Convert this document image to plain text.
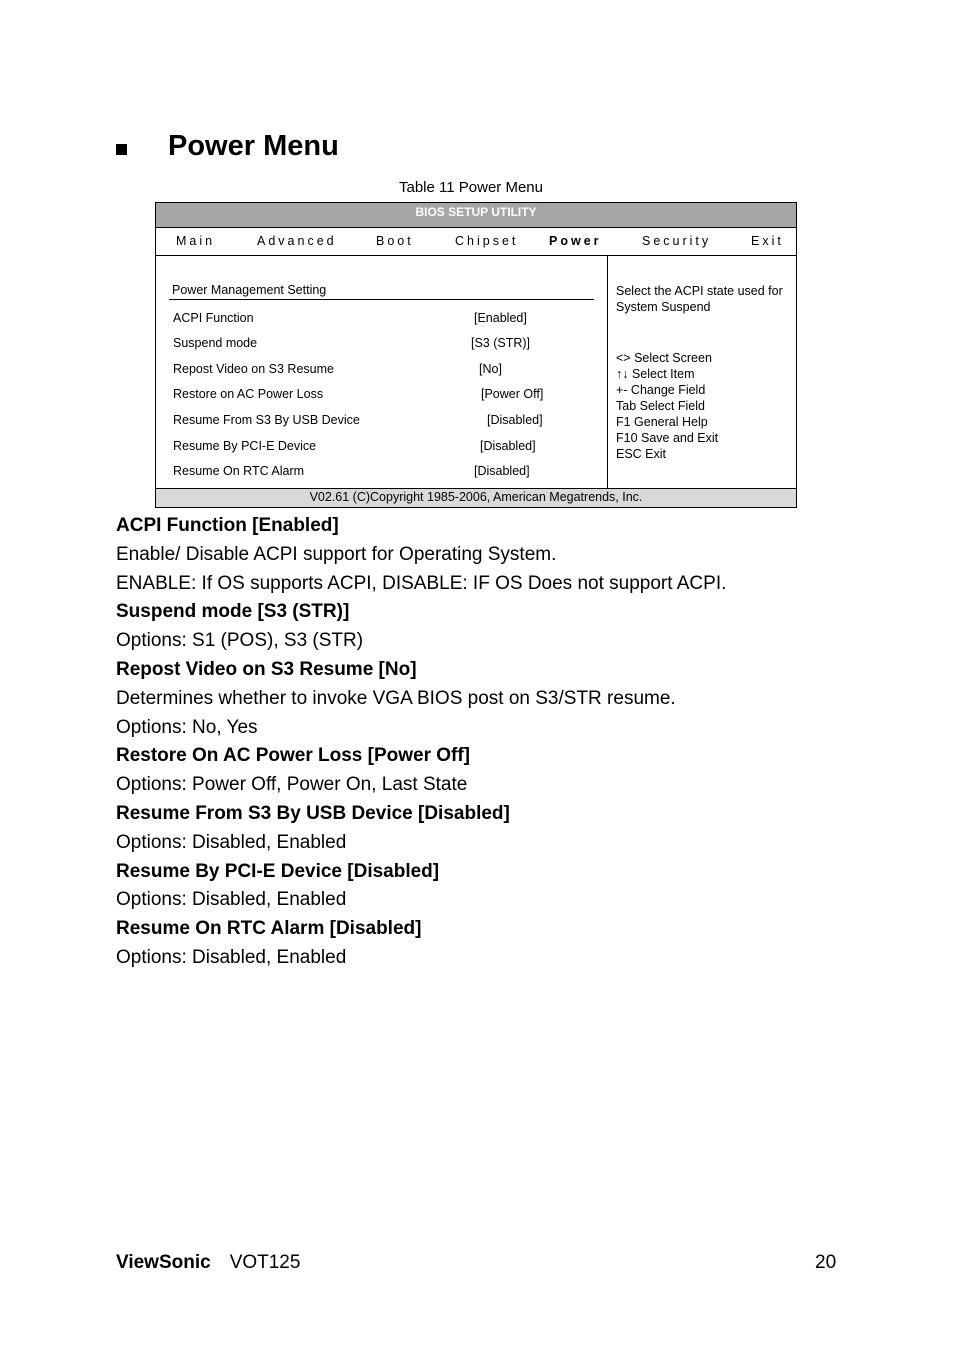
Power Menu
Table 11 Power Menu
BIOS SETUP UTILITY
Main	Advanced	Boot	Chipset Power	Security	Exit
Power Management Setting
ACPI Function	[Enabled]
Suspend mode	[S3 (STR)]
Repost Video on S3 Resume	[No]
Restore on AC Power Loss	[Power Off]
Resume From S3 By USB Device	[Disabled]
Resume By PCI-E Device	[Disabled]
Resume On RTC Alarm	[Disabled]
Select the ACPI state used for System Suspend
<> Select Screen
↑↓ Select Item
+- Change Field
Tab Select Field
F1 General Help
F10 Save and Exit
ESC Exit
V02.61 (C)Copyright 1985-2006, American Megatrends, Inc.

ACPI Function [Enabled]

Enable/ Disable ACPI support for Operating System.

ENABLE: If OS supports ACPI, DISABLE: IF OS Does not support ACPI.

Suspend mode [S3 (STR)]

Options: S1 (POS), S3 (STR)

Repost Video on S3 Resume [No]

Determines whether to invoke VGA BIOS post on S3/STR resume.

Options: No, Yes

Restore On AC Power Loss [Power Off]

Options: Power Off, Power On, Last State

Resume From S3 By USB Device [Disabled]

Options: Disabled, Enabled

Resume By PCI-E Device [Disabled]

Options: Disabled, Enabled

Resume On RTC Alarm [Disabled]

Options: Disabled, Enabled

ViewSonic VOT125	20
